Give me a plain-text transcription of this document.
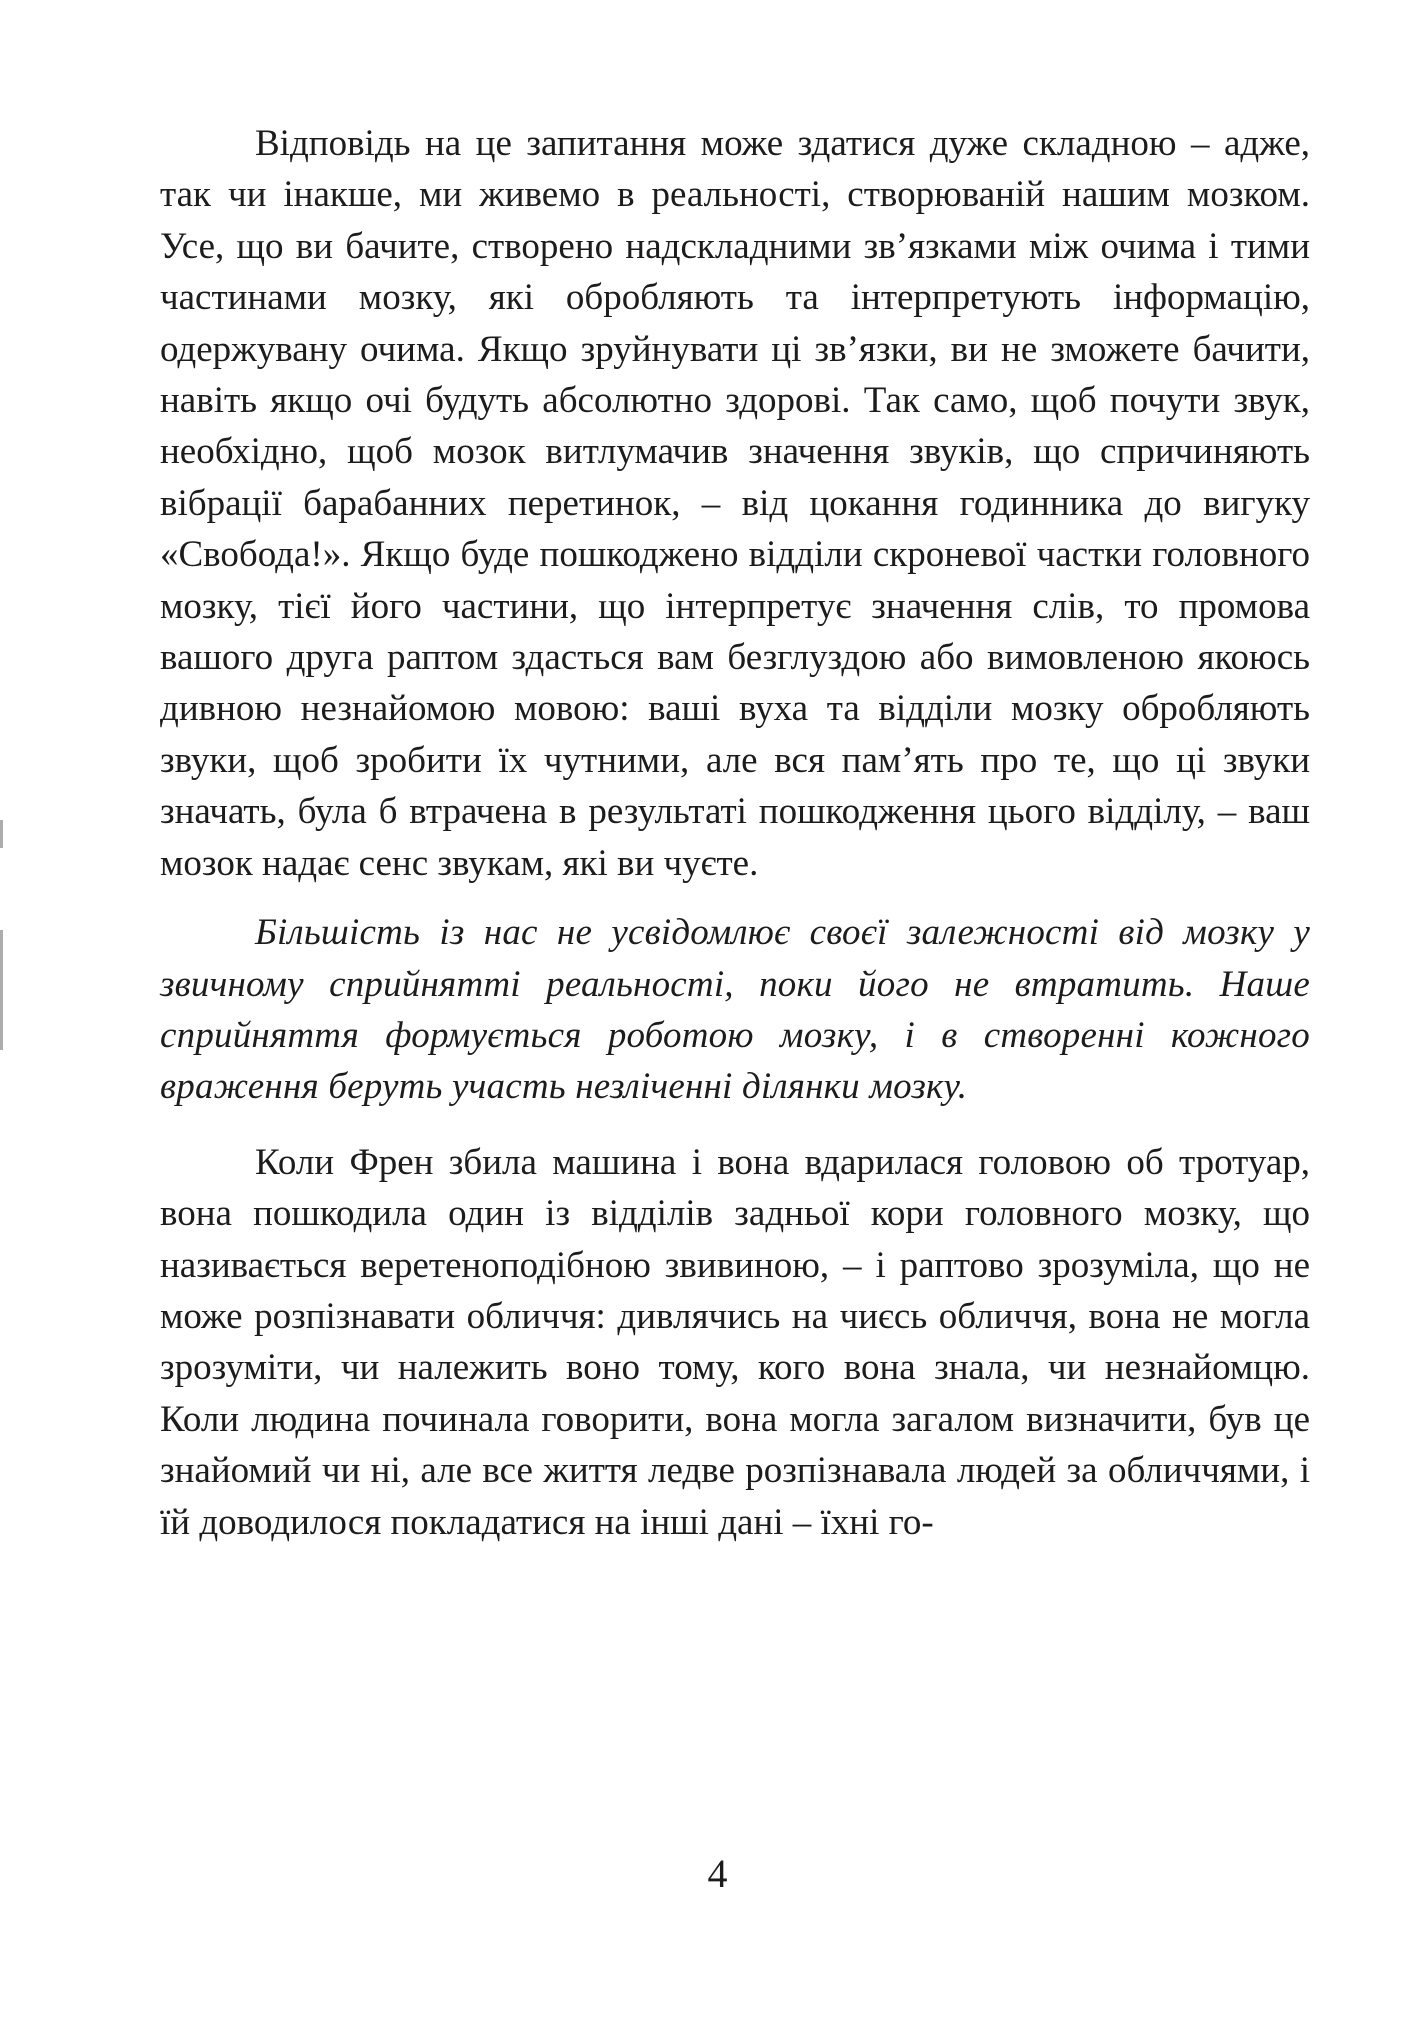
Відповідь на це запитання може здатися дуже складною – адже, так чи інакше, ми живемо в реальності, створюваній нашим мозком. Усе, що ви бачите, створено надскладними зв’язками між очима і тими частинами мозку, які обробляють та інтерпретують інформацію, одержувану очима. Якщо зруйнувати ці зв’язки, ви не зможете бачити, навіть якщо очі будуть абсолютно здорові. Так само, щоб почути звук, необхідно, щоб мозок витлумачив значення звуків, що спричиняють вібрації барабанних перетинок, – від цокання годинника до вигуку «Свобода!». Якщо буде пошкоджено відділи скроневої частки головного мозку, тієї його частини, що інтерпретує значення слів, то промова вашого друга раптом здасться вам безглуздою або вимовленою якоюсь дивною незнайомою мовою: ваші вуха та відділи мозку обробляють звуки, щоб зробити їх чутними, але вся пам’ять про те, що ці звуки значать, була б втрачена в результаті пошкодження цього відділу, – ваш мозок надає сенс звукам, які ви чуєте.

Більшість із нас не усвідомлює своєї залежності від мозку у звичному сприйнятті реальності, поки його не втратить. Наше сприйняття формується роботою мозку, і в створенні кожного враження беруть участь незліченні ділянки мозку.

Коли Френ збила машина і вона вдарилася головою об тротуар, вона пошкодила один із відділів задньої кори головного мозку, що називається веретеноподібною звивиною, – і раптово зрозуміла, що не може розпізнавати обличчя: дивлячись на чиєсь обличчя, вона не могла зрозуміти, чи належить воно тому, кого вона знала, чи незнайомцю. Коли людина починала говорити, вона могла загалом визначити, був це знайомий чи ні, але все життя ледве розпізнавала людей за обличчями, і їй доводилося покладатися на інші дані – їхні го-

4
